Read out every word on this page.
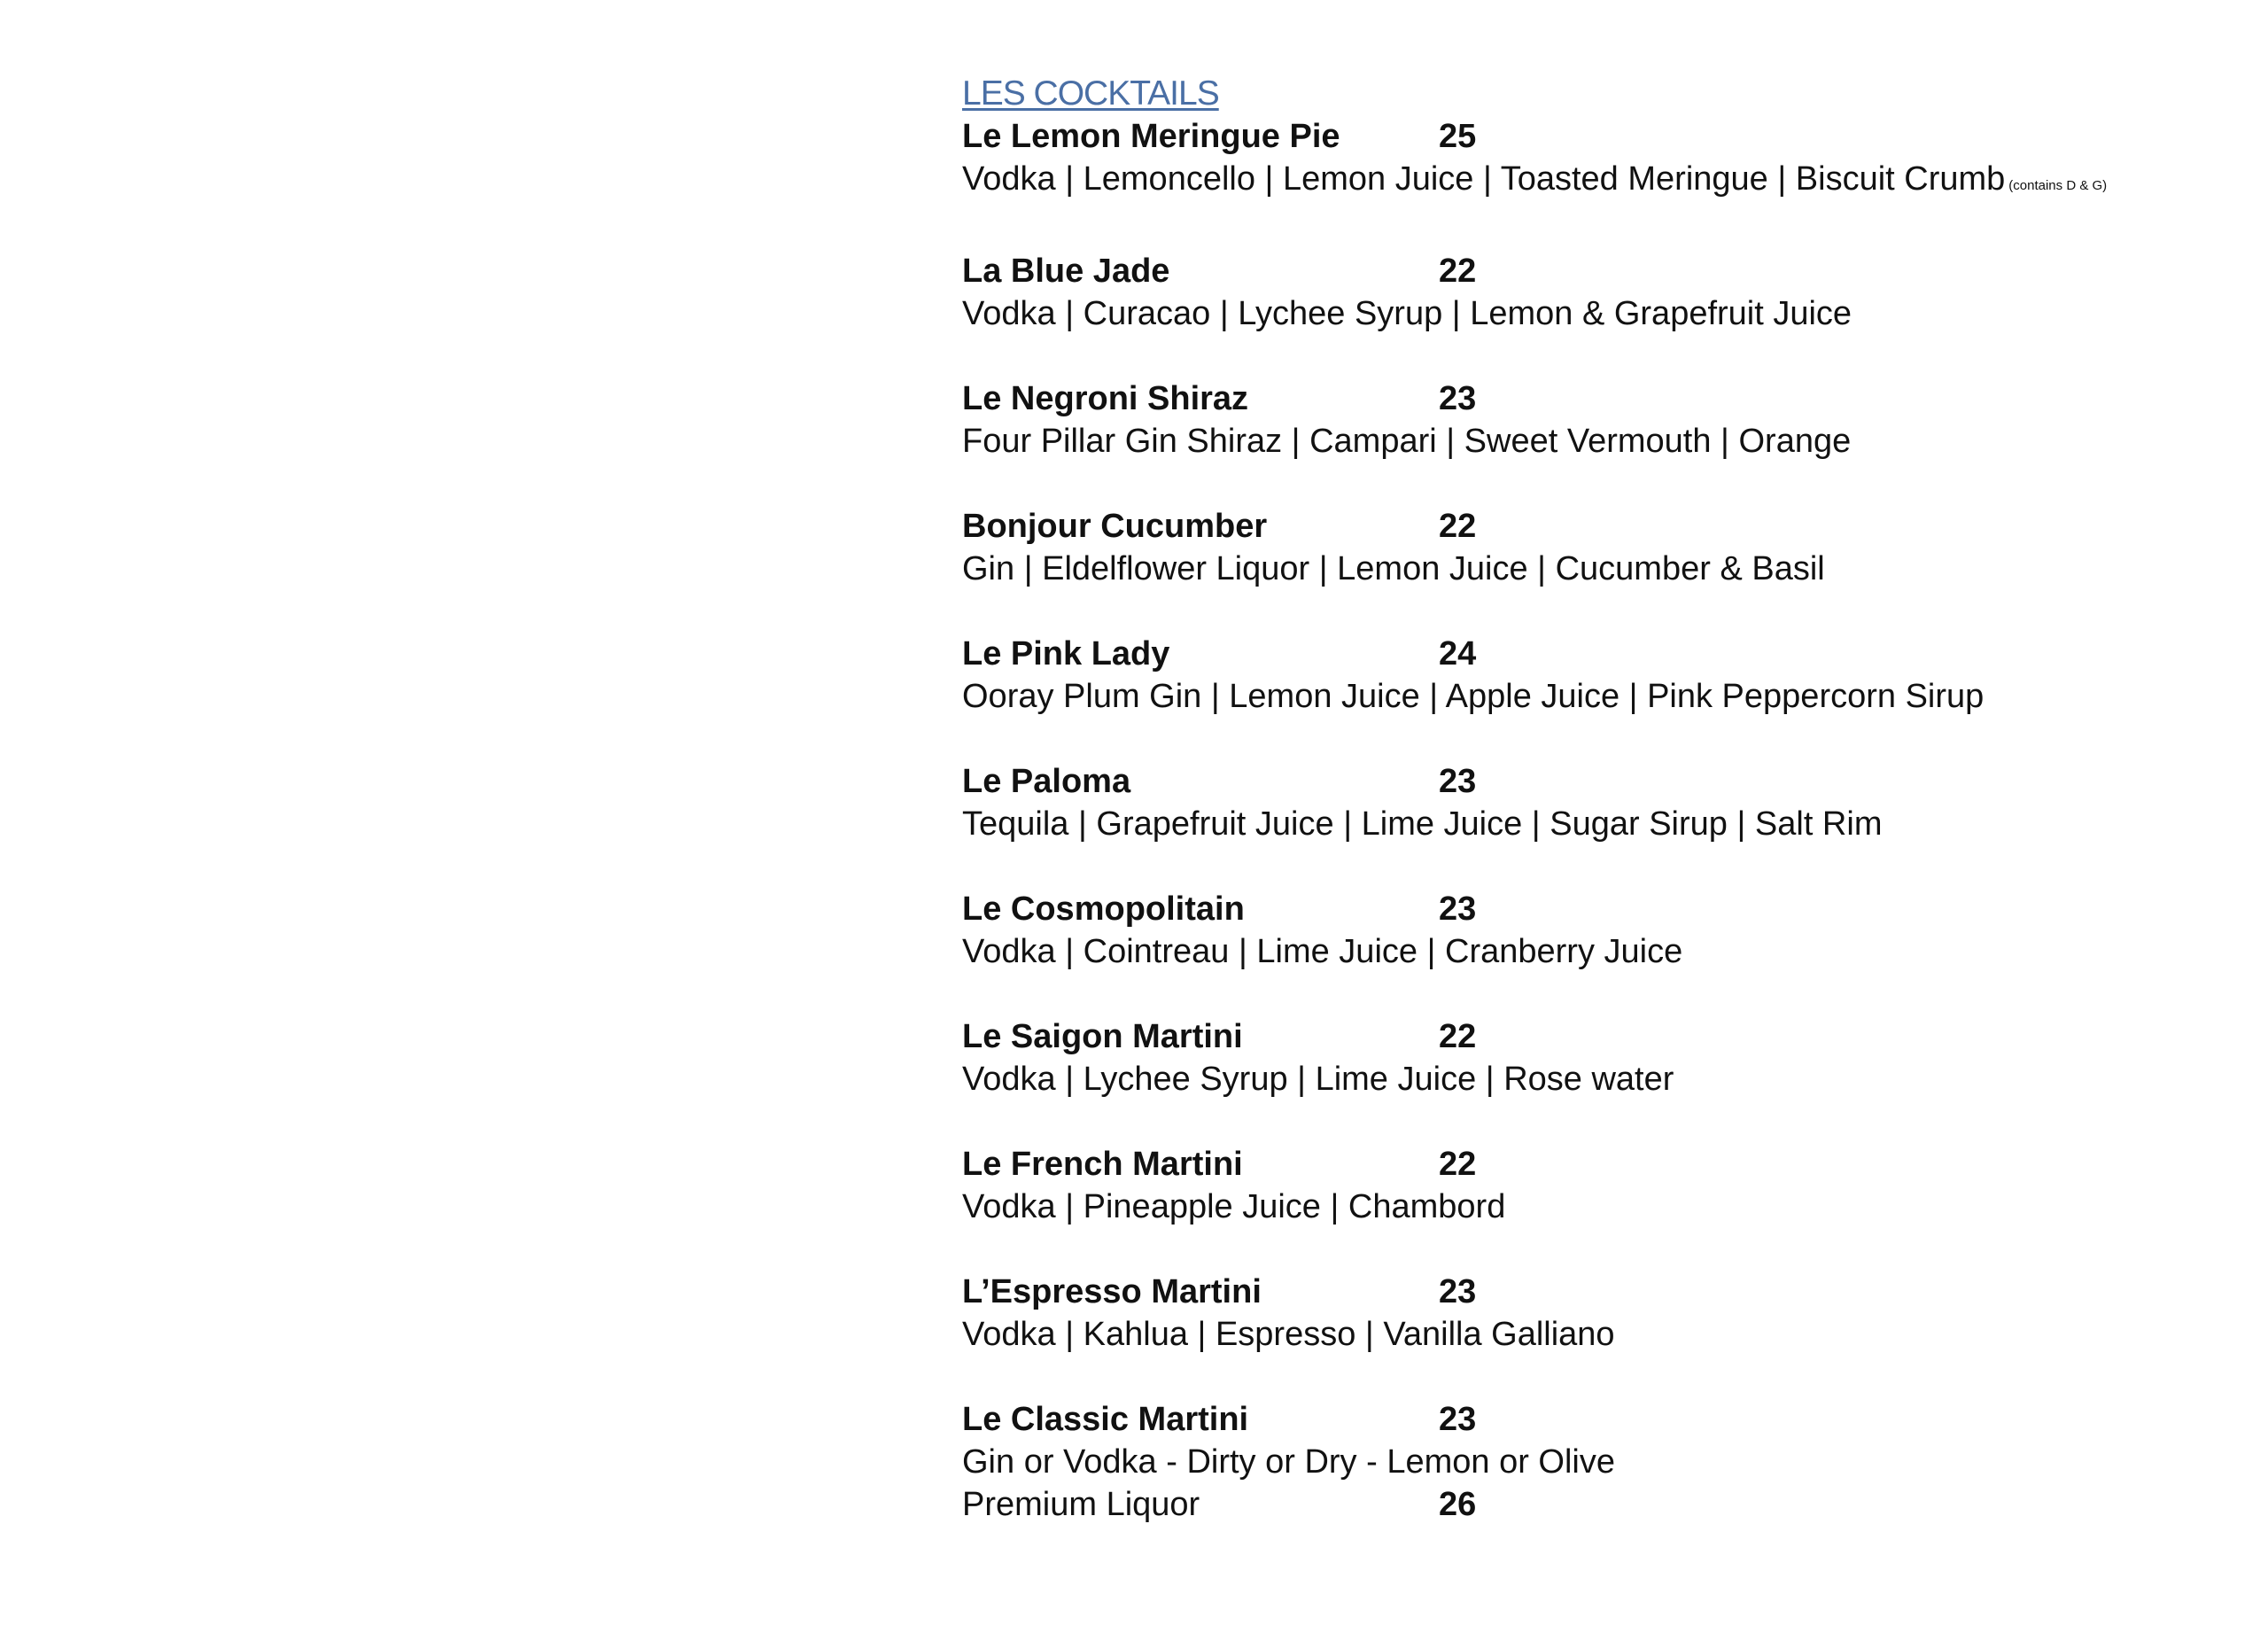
LES COCKTAILS
Le Lemon Meringue Pie	25
Vodka | Lemoncello | Lemon Juice | Toasted Meringue | Biscuit Crumb (contains D & G)
La Blue Jade	22
Vodka | Curacao | Lychee Syrup | Lemon & Grapefruit Juice
Le Negroni Shiraz	23
Four Pillar Gin Shiraz | Campari | Sweet Vermouth | Orange
Bonjour Cucumber	22
Gin | Eldelflower Liquor | Lemon Juice | Cucumber & Basil
Le Pink Lady	24
Ooray Plum Gin | Lemon Juice | Apple Juice | Pink Peppercorn Sirup
Le Paloma	23
Tequila | Grapefruit Juice | Lime Juice | Sugar Sirup | Salt Rim
Le Cosmopolitain	23
Vodka | Cointreau | Lime Juice | Cranberry Juice
Le Saigon Martini	22
Vodka | Lychee Syrup | Lime Juice | Rose water
Le French Martini	22
Vodka | Pineapple Juice | Chambord
L’Espresso Martini	23
Vodka | Kahlua | Espresso | Vanilla Galliano
Le Classic Martini	23
Gin or Vodka - Dirty or Dry - Lemon or Olive
Premium Liquor	26
